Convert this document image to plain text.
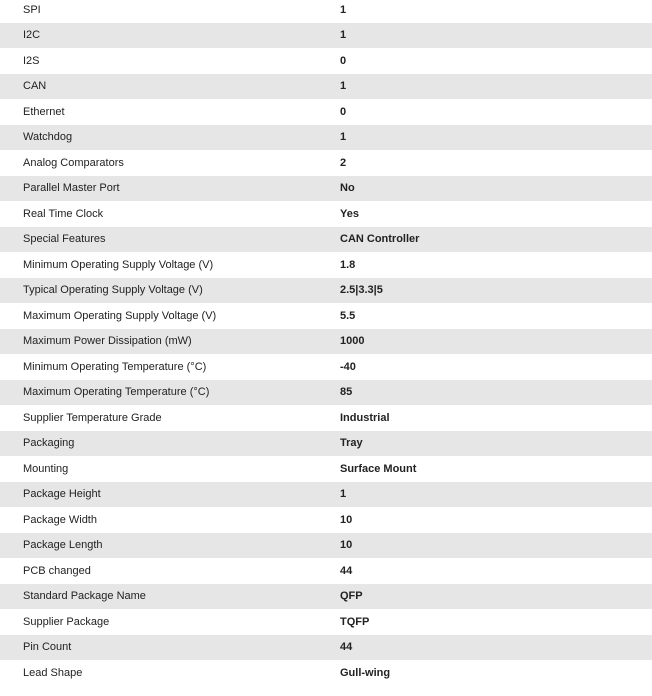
SPI	1
I2C	1
I2S	0
CAN	1
Ethernet	0
Watchdog	1
Analog Comparators	2
Parallel Master Port	No
Real Time Clock	Yes
Special Features	CAN Controller
Minimum Operating Supply Voltage (V)	1.8
Typical Operating Supply Voltage (V)	2.5|3.3|5
Maximum Operating Supply Voltage (V)	5.5
Maximum Power Dissipation (mW)	1000
Minimum Operating Temperature (°C)	-40
Maximum Operating Temperature (°C)	85
Supplier Temperature Grade	Industrial
Packaging	Tray
Mounting	Surface Mount
Package Height	1
Package Width	10
Package Length	10
PCB changed	44
Standard Package Name	QFP
Supplier Package	TQFP
Pin Count	44
Lead Shape	Gull-wing
